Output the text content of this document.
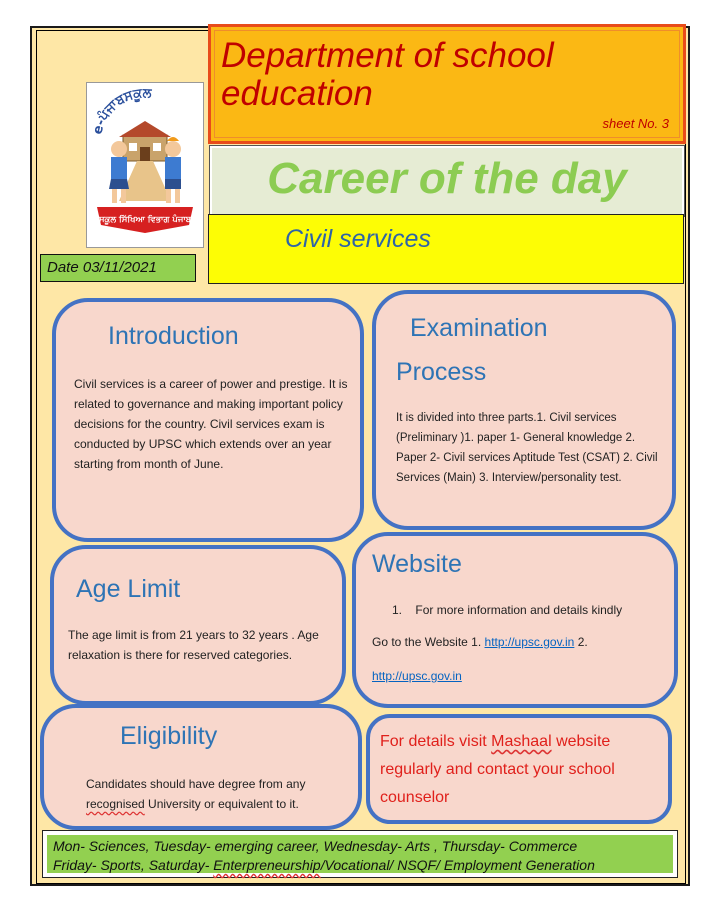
Department of school education
sheet No. 3
e-ਪੰਜਾਬਸਕੂਲ
ਸਕੂਲ ਸਿੱਖਿਆ ਵਿਭਾਗ ਪੰਜਾਬ
Career of the day
Civil services
Date 03/11/2021
Introduction

Civil services is a career of power and prestige. It is related to governance and making important policy decisions for the country. Civil services exam is conducted by UPSC which extends over an year starting from month of June.

Examination
Process

It is divided into three parts.1. Civil services (Preliminary )1. paper 1- General knowledge 2. Paper 2- Civil services Aptitude Test (CSAT) 2. Civil Services (Main) 3. Interview/personality test.

Age Limit

The age limit is from 21 years to 32 years . Age relaxation is there for reserved categories.

Website

1. For more information and details kindly

Go to the Website 1. http://upsc.gov.in 2.

http://upsc.gov.in

Eligibility

Candidates should have degree from any
recognised University or equivalent to it.

For details visit Mashaal website regularly and contact your school counselor

Mon- Sciences, Tuesday- emerging career, Wednesday- Arts , Thursday- Commerce

Friday- Sports, Saturday- Enterpreneurship/Vocational/ NSQF/ Employment Generation
